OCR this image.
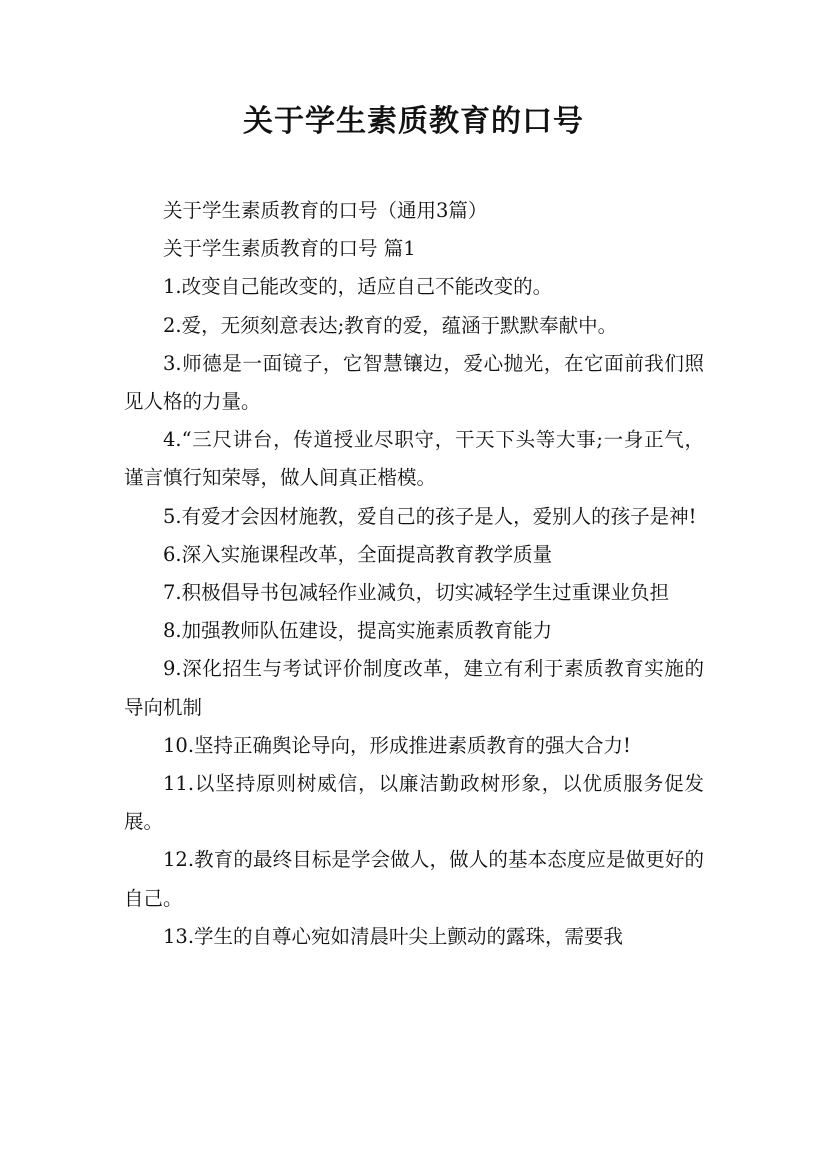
关于学生素质教育的口号

关于学生素质教育的口号（通用3篇）

关于学生素质教育的口号 篇1

1.改变自己能改变的，适应自己不能改变的。

2.爱，无须刻意表达;教育的爱，蕴涵于默默奉献中。

3.师德是一面镜子，它智慧镶边，爱心抛光，在它面前我们照见人格的力量。

4.“三尺讲台，传道授业尽职守，干天下头等大事;一身正气，谨言慎行知荣辱，做人间真正楷模。

5.有爱才会因材施教，爱自己的孩子是人，爱别人的孩子是神!

6.深入实施课程改革，全面提高教育教学质量

7.积极倡导书包减轻作业减负，切实减轻学生过重课业负担

8.加强教师队伍建设，提高实施素质教育能力

9.深化招生与考试评价制度改革，建立有利于素质教育实施的导向机制

10.坚持正确舆论导向，形成推进素质教育的强大合力!

11.以坚持原则树威信，以廉洁勤政树形象，以优质服务促发展。

12.教育的最终目标是学会做人，做人的基本态度应是做更好的自己。

13.学生的自尊心宛如清晨叶尖上颤动的露珠，需要我
